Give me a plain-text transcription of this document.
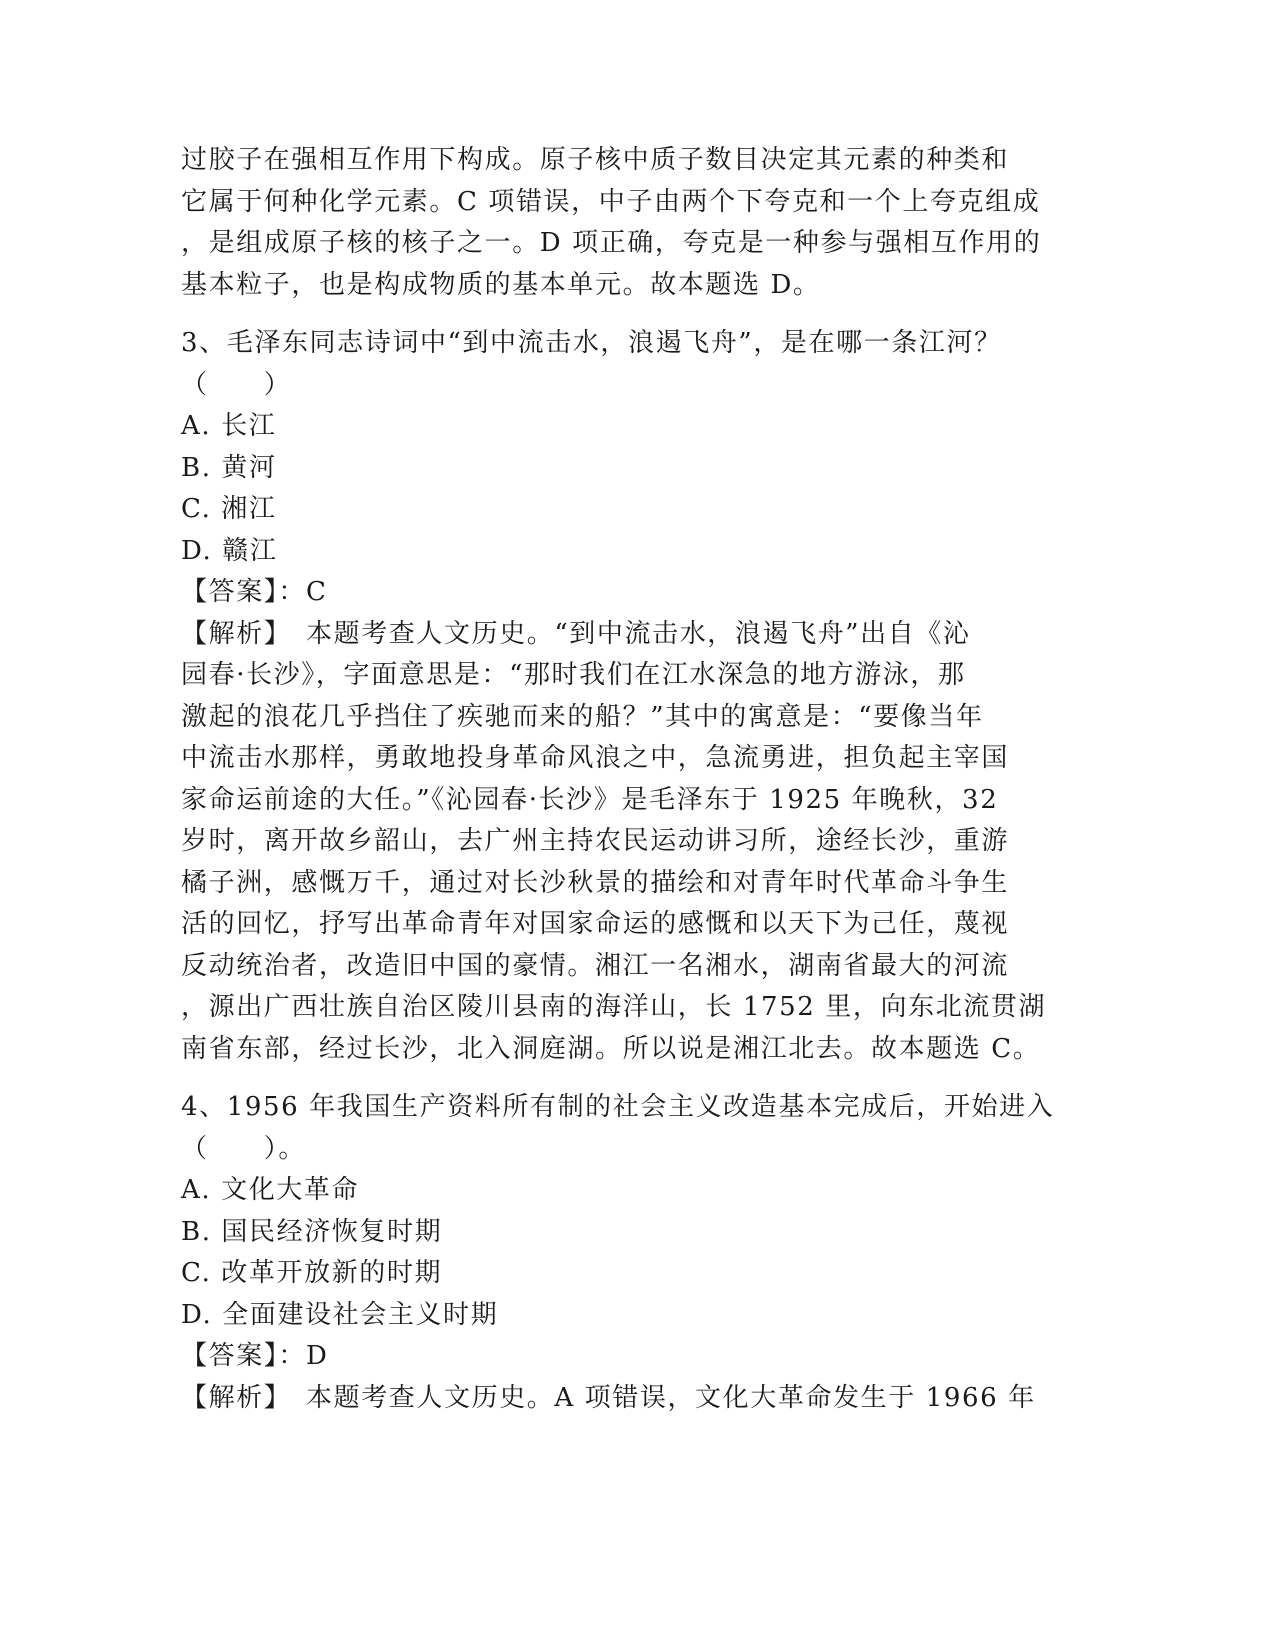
过胶子在强相互作用下构成。原子核中质子数目决定其元素的种类和
它属于何种化学元素。C 项错误，中子由两个下夸克和一个上夸克组成
，是组成原子核的核子之一。D 项正确，夸克是一种参与强相互作用的
基本粒子，也是构成物质的基本单元。故本题选 D。
3、毛泽东同志诗词中“到中流击水，浪遏飞舟”，是在哪一条江河？
（　　）
A. 长江
B. 黄河
C. 湘江
D. 赣江
【答案】：C
【解析】　本题考查人文历史。“到中流击水，浪遏飞舟”出自《沁
园春·长沙》，字面意思是：“那时我们在江水深急的地方游泳，那
激起的浪花几乎挡住了疾驰而来的船？”其中的寓意是：“要像当年
中流击水那样，勇敢地投身革命风浪之中，急流勇进，担负起主宰国
家命运前途的大任。”《沁园春·长沙》是毛泽东于 1925 年晚秋，32
岁时，离开故乡韶山，去广州主持农民运动讲习所，途经长沙，重游
橘子洲，感慨万千，通过对长沙秋景的描绘和对青年时代革命斗争生
活的回忆，抒写出革命青年对国家命运的感慨和以天下为己任，蔑视
反动统治者，改造旧中国的豪情。湘江一名湘水，湖南省最大的河流
，源出广西壮族自治区陵川县南的海洋山，长 1752 里，向东北流贯湖
南省东部，经过长沙，北入洞庭湖。所以说是湘江北去。故本题选 C。
4、1956 年我国生产资料所有制的社会主义改造基本完成后，开始进入
（　　）。
A. 文化大革命
B. 国民经济恢复时期
C. 改革开放新的时期
D. 全面建设社会主义时期
【答案】：D
【解析】　本题考查人文历史。A 项错误，文化大革命发生于 1966 年
